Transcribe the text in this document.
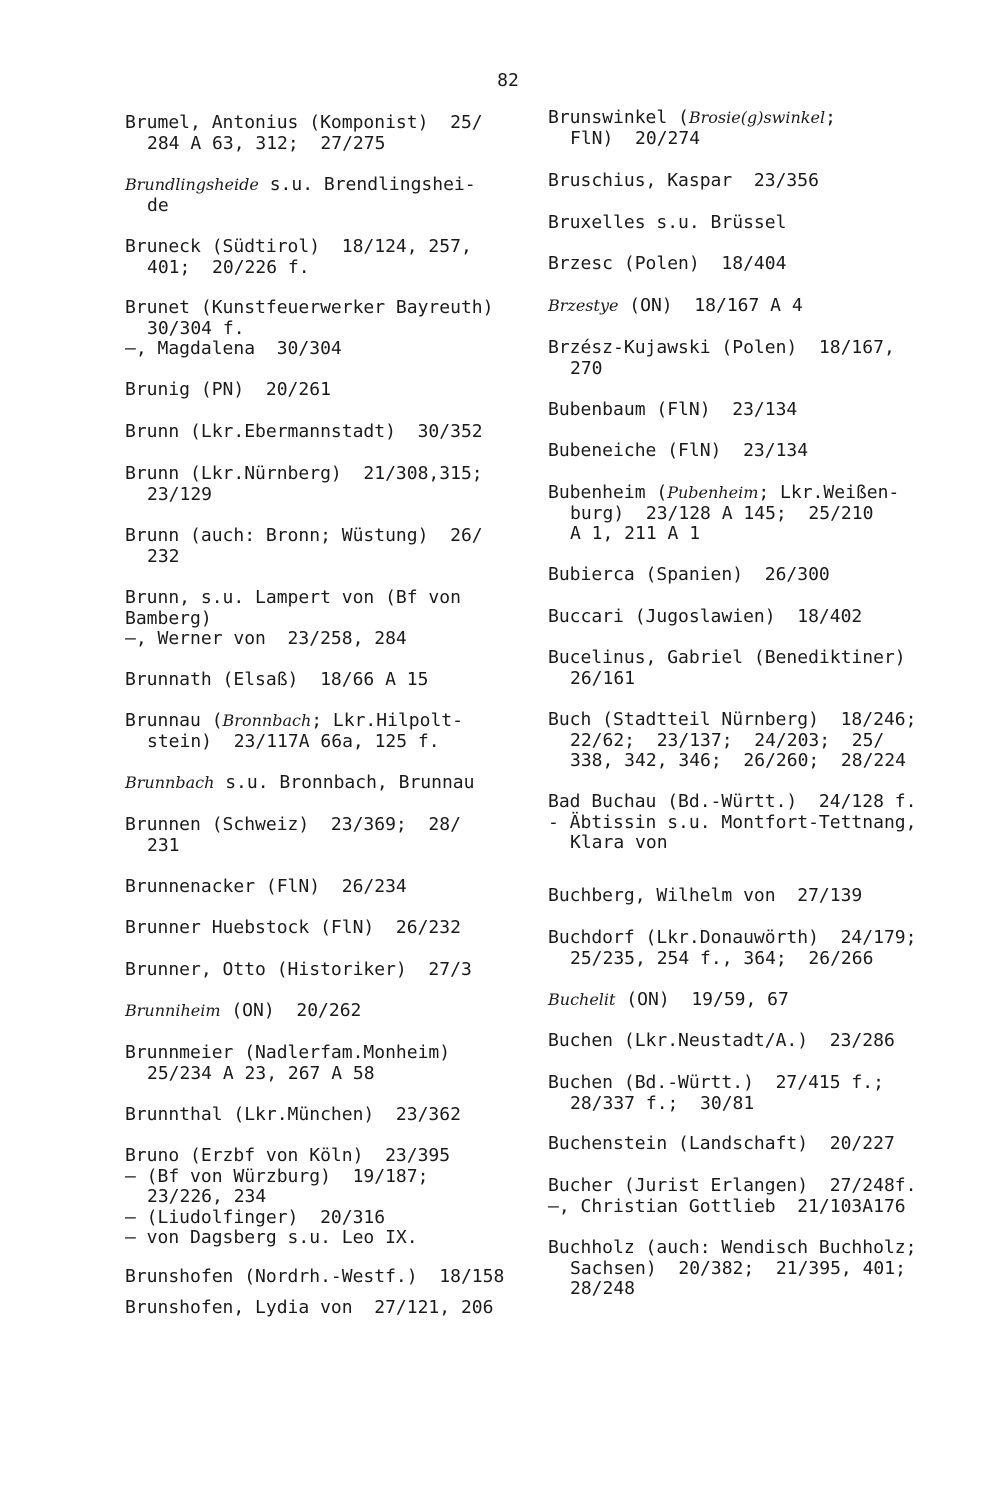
82
Brumel, Antonius (Komponist)  25/
284 A 63, 312;  27/275
Brundlingsheide s.u. Brendlingshei-
de
Bruneck (Südtirol)  18/124, 257,
401;  20/226 f.
Brunet (Kunstfeuerwerker Bayreuth)
30/304 f.
—, Magdalena  30/304
Brunig (PN)  20/261
Brunn (Lkr.Ebermannstadt)  30/352
Brunn (Lkr.Nürnberg)  21/308,315;
23/129
Brunn (auch: Bronn; Wüstung)  26/
232
Brunn, s.u. Lampert von (Bf von
Bamberg)
—, Werner von  23/258, 284
Brunnath (Elsaß)  18/66 A 15
Brunnau (Bronnbach; Lkr.Hilpolt-
stein)  23/117A 66a, 125 f.
Brunnbach s.u. Bronnbach, Brunnau
Brunnen (Schweiz)  23/369;  28/
231
Brunnenacker (FlN)  26/234
Brunner Huebstock (FlN)  26/232
Brunner, Otto (Historiker)  27/3
Brunniheim (ON)  20/262
Brunnmeier (Nadlerfam.Monheim)
25/234 A 23, 267 A 58
Brunnthal (Lkr.München)  23/362
Bruno (Erzbf von Köln)  23/395
— (Bf von Würzburg)  19/187;
23/226, 234
— (Liudolfinger)  20/316
— von Dagsberg s.u. Leo IX.
Brunshofen (Nordrh.-Westf.)  18/158
Brunshofen, Lydia von  27/121, 206
Brunswinkel (Brosie(g)swinkel;
FlN)  20/274
Bruschius, Kaspar  23/356
Bruxelles s.u. Brüssel
Brzesc (Polen)  18/404
Brzestye (ON)  18/167 A 4
Brzész-Kujawski (Polen)  18/167,
270
Bubenbaum (FlN)  23/134
Bubeneiche (FlN)  23/134
Bubenheim (Pubenheim; Lkr.Weißen-
burg)  23/128 A 145;  25/210
A 1, 211 A 1
Bubierca (Spanien)  26/300
Buccari (Jugoslawien)  18/402
Bucelinus, Gabriel (Benediktiner)
26/161
Buch (Stadtteil Nürnberg)  18/246;
22/62;  23/137;  24/203;  25/
338, 342, 346;  26/260;  28/224
Bad Buchau (Bd.-Württ.)  24/128 f.
- Äbtissin s.u. Montfort-Tettnang,
Klara von
Buchberg, Wilhelm von  27/139
Buchdorf (Lkr.Donauwörth)  24/179;
25/235, 254 f., 364;  26/266
Buchelit (ON)  19/59, 67
Buchen (Lkr.Neustadt/A.)  23/286
Buchen (Bd.-Württ.)  27/415 f.;
28/337 f.;  30/81
Buchenstein (Landschaft)  20/227
Bucher (Jurist Erlangen)  27/248f.
—, Christian Gottlieb  21/103A176
Buchholz (auch: Wendisch Buchholz;
Sachsen)  20/382;  21/395, 401;
28/248
